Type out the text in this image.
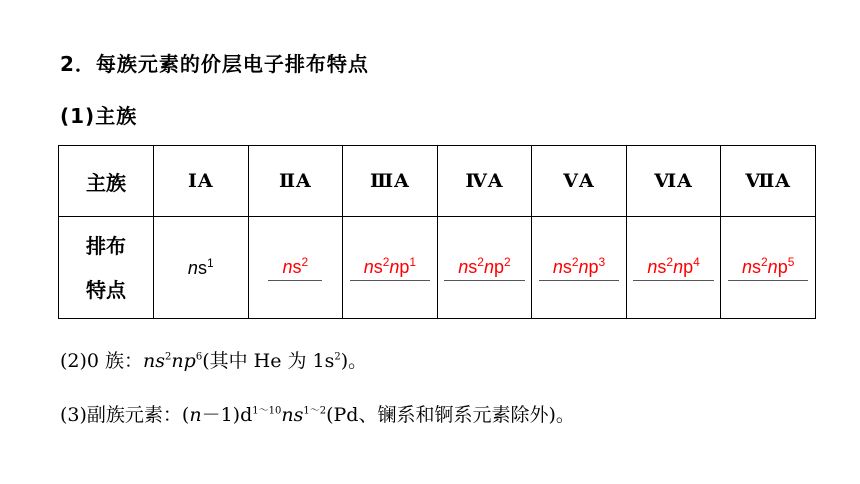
2．每族元素的价层电子排布特点
(1)主族
主族	ⅠA	ⅡA	ⅢA	ⅣA	ⅤA	ⅥA	ⅦA

排布
特点	$ns^1$	$ns^2$	$ns^2np^1$	$ns^2np^2$	$ns^2np^3$	$ns^2np^4$	$ns^2np^5$
(2)0 族：$ns^2np^6$(其中 He 为 $1s^2$)。
(3)副族元素：$(n-1)d^{1\sim 10}ns^{1\sim 2}(Pd$、镧系和锕系元素除外)。
